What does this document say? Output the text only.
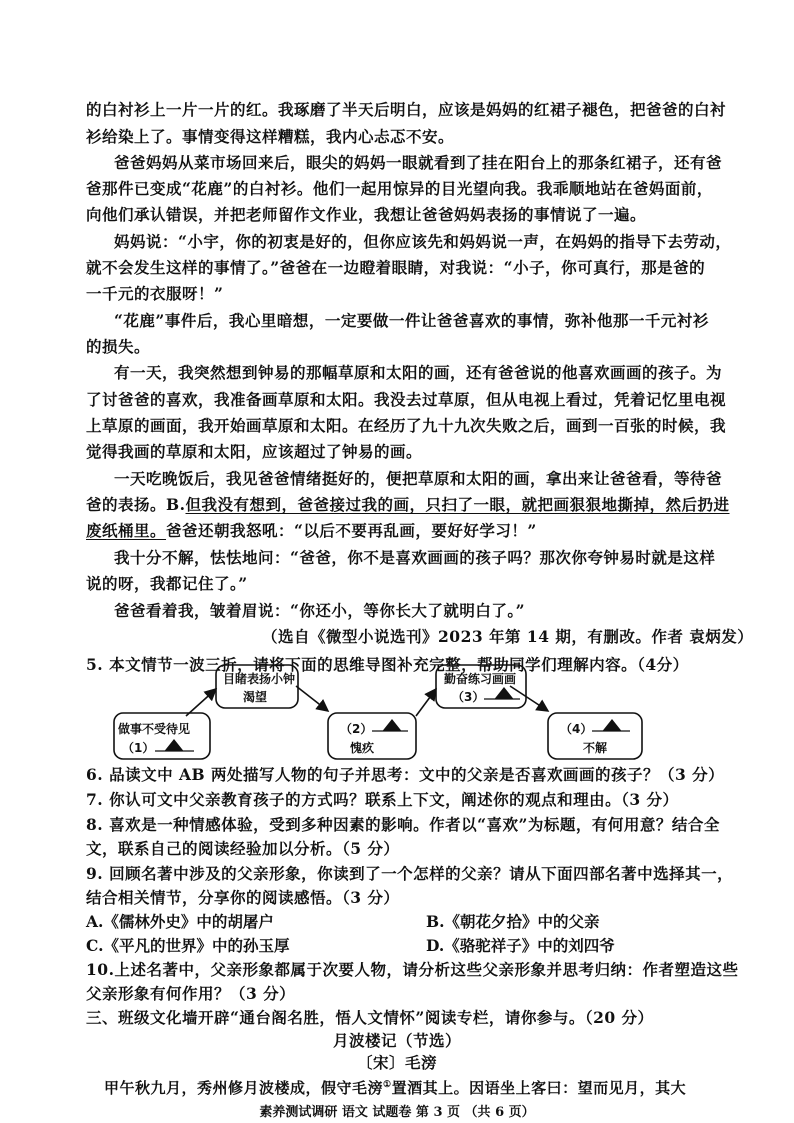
的白衬衫上一片一片的红。我琢磨了半天后明白，应该是妈妈的红裙子褪色，把爸爸的白衬
衫给染上了。事情变得这样糟糕，我内心忐忑不安。
爸爸妈妈从菜市场回来后，眼尖的妈妈一眼就看到了挂在阳台上的那条红裙子，还有爸
爸那件已变成“花鹿”的白衬衫。他们一起用惊异的目光望向我。我乖顺地站在爸妈面前，
向他们承认错误，并把老师留作文作业，我想让爸爸妈妈表扬的事情说了一遍。
妈妈说：“小宇，你的初衷是好的，但你应该先和妈妈说一声，在妈妈的指导下去劳动，
就不会发生这样的事情了。”爸爸在一边瞪着眼睛，对我说：“小子，你可真行，那是爸的
一千元的衣服呀！”
“花鹿”事件后，我心里暗想，一定要做一件让爸爸喜欢的事情，弥补他那一千元衬衫
的损失。
有一天，我突然想到钟易的那幅草原和太阳的画，还有爸爸说的他喜欢画画的孩子。为
了讨爸爸的喜欢，我准备画草原和太阳。我没去过草原，但从电视上看过，凭着记忆里电视
上草原的画面，我开始画草原和太阳。在经历了九十九次失败之后，画到一百张的时候，我
觉得我画的草原和太阳，应该超过了钟易的画。
一天吃晚饭后，我见爸爸情绪挺好的，便把草原和太阳的画，拿出来让爸爸看，等待爸
爸的表扬。B.但我没有想到，爸爸接过我的画，只扫了一眼，就把画狠狠地撕掉，然后扔进
废纸桶里。爸爸还朝我怒吼：“以后不要再乱画，要好好学习！”
我十分不解，怯怯地问：“爸爸，你不是喜欢画画的孩子吗？那次你夸钟易时就是这样
说的呀，我都记住了。”
爸爸看着我，皱着眉说：“你还小，等你长大了就明白了。”
（选自《微型小说选刊》2023 年第 14 期，有删改。作者 袁炳发）
5. 本文情节一波三折，请将下面的思维导图补充完整，帮助同学们理解内容。（4分）
做事不受待见
（1）
目睹表扬小钟
渴望
（2）
愧疚
勤奋练习画画
（3）
（4）
不解
6. 品读文中 AB 两处描写人物的句子并思考：文中的父亲是否喜欢画画的孩子？（3 分）
7. 你认可文中父亲教育孩子的方式吗？联系上下文，阐述你的观点和理由。（3 分）
8. 喜欢是一种情感体验，受到多种因素的影响。作者以“喜欢”为标题，有何用意？结合全
文，联系自己的阅读经验加以分析。（5 分）
9. 回顾名著中涉及的父亲形象，你读到了一个怎样的父亲？请从下面四部名著中选择其一，
结合相关情节，分享你的阅读感悟。（3 分）
A.《儒林外史》中的胡屠户	B.《朝花夕拾》中的父亲
C.《平凡的世界》中的孙玉厚	D.《骆驼祥子》中的刘四爷
10.上述名著中，父亲形象都属于次要人物，请分析这些父亲形象并思考归纳：作者塑造这些
父亲形象有何作用？（3 分）
素养测试调研 语文 试题卷 第 3 页 （共 6 页）
三、班级文化墙开辟“通台阁名胜，悟人文情怀”阅读专栏，请你参与。（20 分）
月波楼记（节选）
〔宋〕毛滂
甲午秋九月，秀州修月波楼成，假守毛滂①置酒其上。因语坐上客曰：望而见月，其大
